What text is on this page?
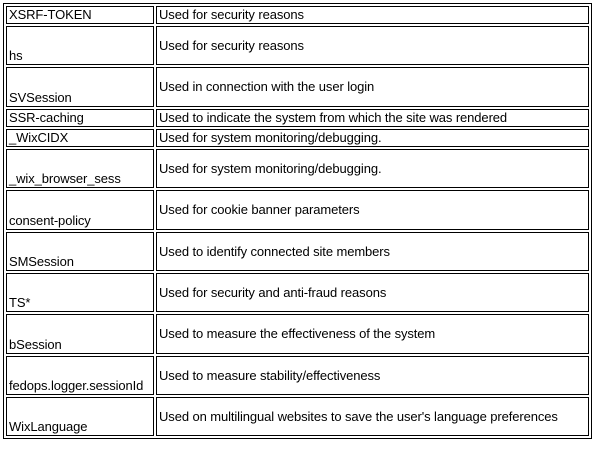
XSRF-TOKEN	Used for security reasons
hs	Used for security reasons
SVSession	Used in connection with the user login
SSR-caching	Used to indicate the system from which the site was rendered
_WixCIDX	Used for system monitoring/debugging.
_wix_browser_sess	Used for system monitoring/debugging.
consent-policy	Used for cookie banner parameters
SMSession	Used to identify connected site members
TS*	Used for security and anti-fraud reasons
bSession	Used to measure the effectiveness of the system
fedops.logger.sessionId	Used to measure stability/effectiveness
WixLanguage	Used on multilingual websites to save the user's language preferences
